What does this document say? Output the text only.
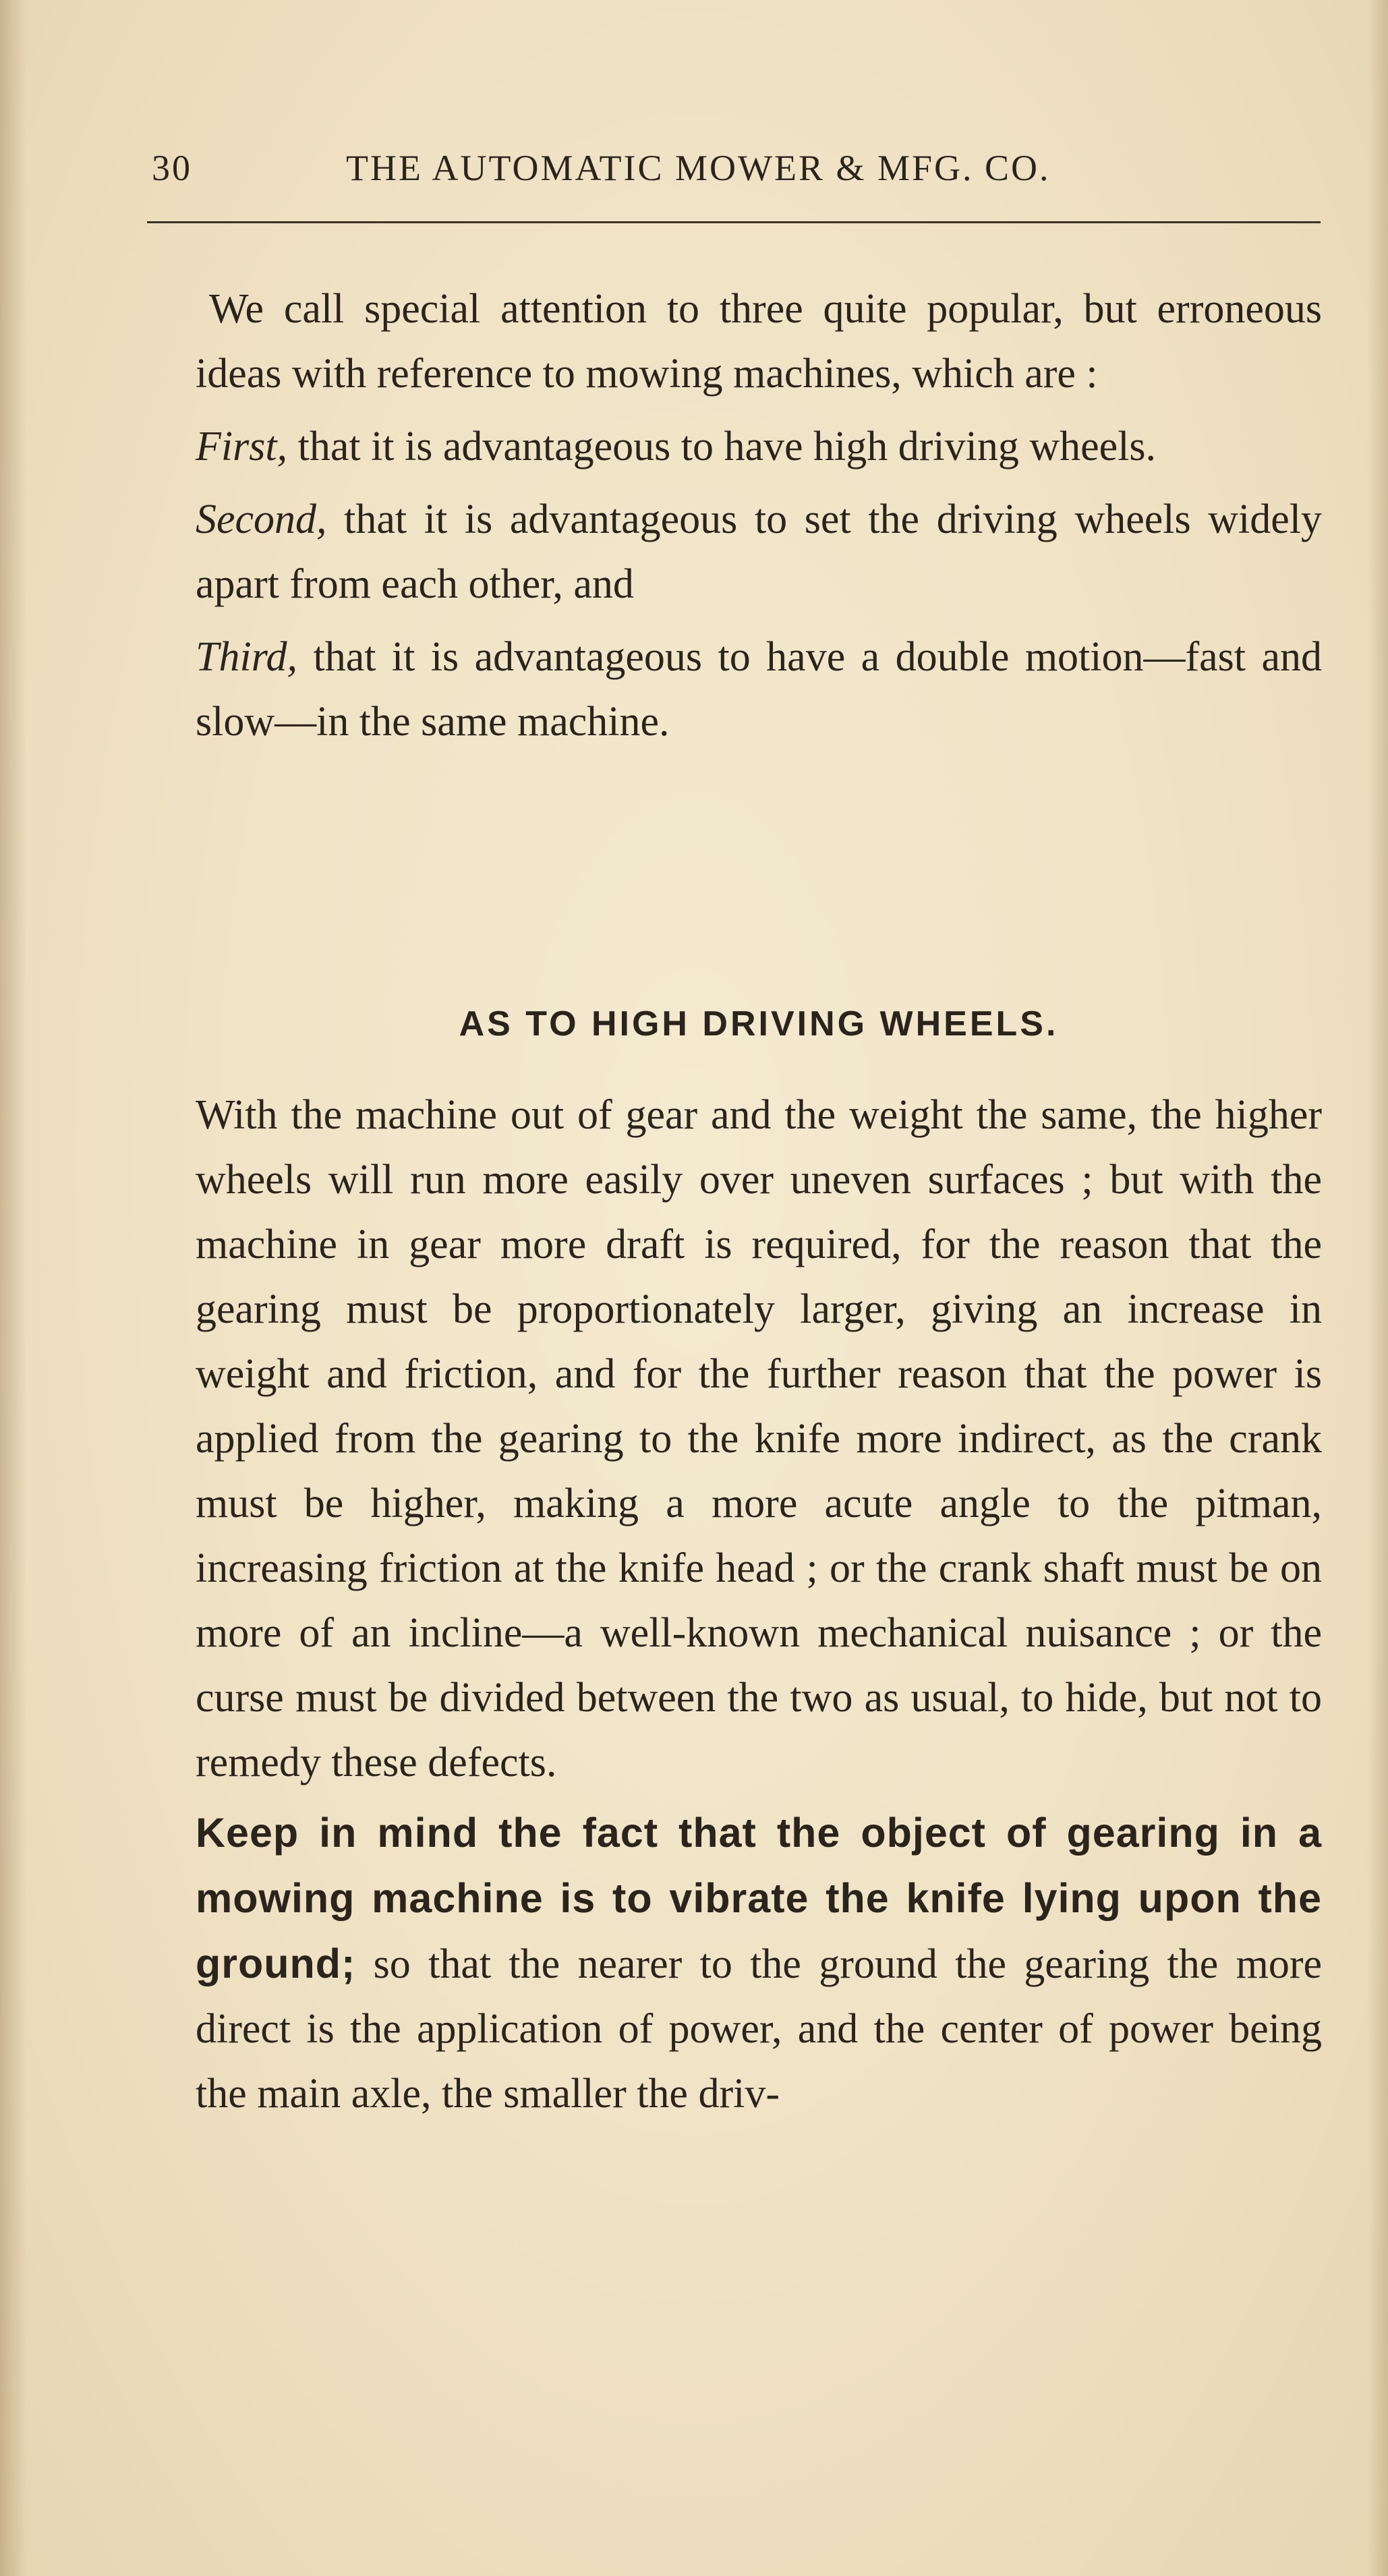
30	THE AUTOMATIC MOWER & MFG. CO.

We call special attention to three quite popular, but erroneous ideas with reference to mowing machines, which are :

First, that it is advantageous to have high driving wheels.

Second, that it is advantageous to set the driving wheels widely apart from each other, and

Third, that it is advantageous to have a double motion—fast and slow—in the same machine.

AS TO HIGH DRIVING WHEELS.

With the machine out of gear and the weight the same, the higher wheels will run more easily over uneven surfaces ; but with the machine in gear more draft is required, for the reason that the gearing must be proportionately larger, giving an increase in weight and friction, and for the further reason that the power is applied from the gearing to the knife more indirect, as the crank must be higher, making a more acute angle to the pitman, increasing friction at the knife head ; or the crank shaft must be on more of an incline—a well-known mechanical nuisance ; or the curse must be divided between the two as usual, to hide, but not to remedy these defects.

Keep in mind the fact that the object of gearing in a mowing machine is to vibrate the knife lying upon the ground; so that the nearer to the ground the gearing the more direct is the application of power, and the center of power being the main axle, the smaller the driv-
